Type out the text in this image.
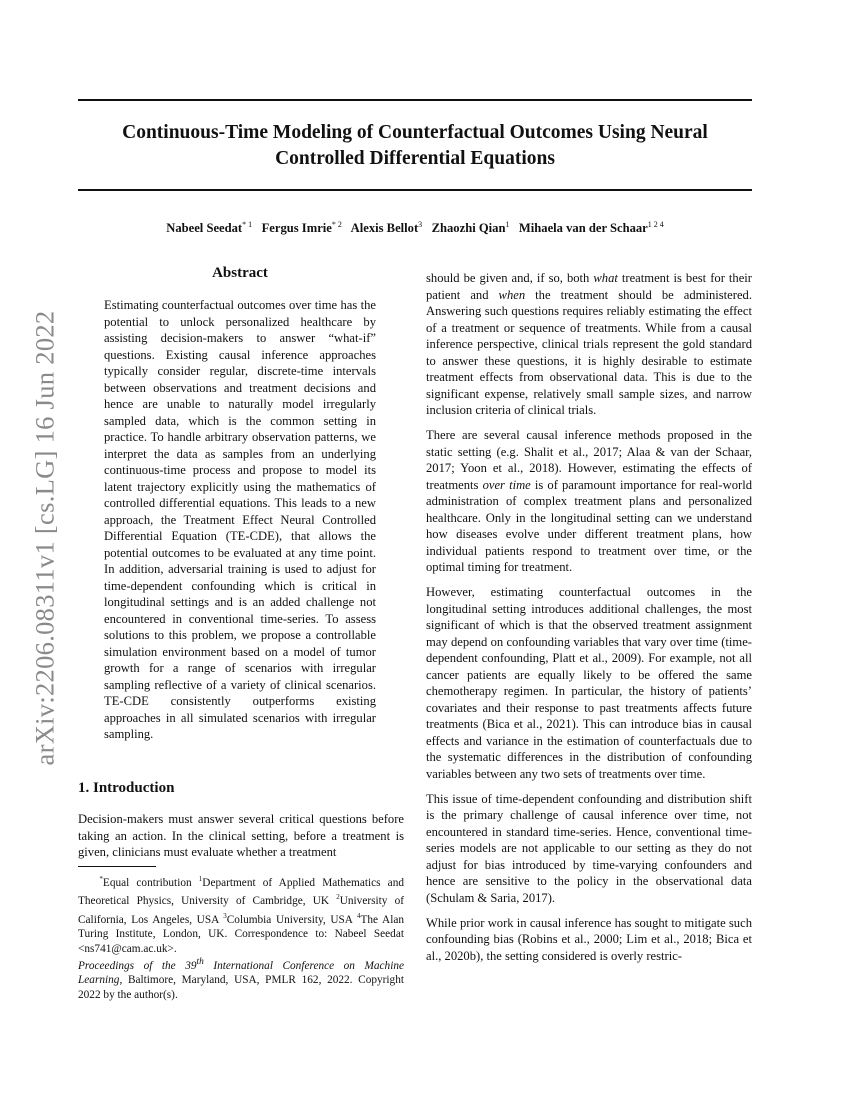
Continuous-Time Modeling of Counterfactual Outcomes Using Neural
Controlled Differential Equations
Nabeel Seedat$^{* 1}$ Fergus Imrie$^{* 2}$ Alexis Bellot$^3$ Zhaozhi Qian$^1$ Mihaela van der Schaar$^{1 2 4}$
arXiv:2206.08311v1 [cs.LG] 16 Jun 2022
Abstract
Estimating counterfactual outcomes over time has the potential to unlock personalized healthcare by assisting decision-makers to answer “what-if” questions. Existing causal inference approaches typically consider regular, discrete-time intervals between observations and treatment decisions and hence are unable to naturally model irregularly sampled data, which is the common setting in practice. To handle arbitrary observation patterns, we interpret the data as samples from an underlying continuous-time process and propose to model its latent trajectory explicitly using the mathematics of controlled differential equations. This leads to a new approach, the Treatment Effect Neural Controlled Differential Equation (TE-CDE), that allows the potential outcomes to be evaluated at any time point. In addition, adversarial training is used to adjust for time-dependent confounding which is critical in longitudinal settings and is an added challenge not encountered in conventional time-series. To assess solutions to this problem, we propose a controllable simulation environment based on a model of tumor growth for a range of scenarios with irregular sampling reflective of a variety of clinical scenarios. TE-CDE consistently outperforms existing approaches in all simulated scenarios with irregular sampling.
1. Introduction
Decision-makers must answer several critical questions before taking an action. In the clinical setting, before a treatment is given, clinicians must evaluate whether a treatment
*Equal contribution $^1$Department of Applied Mathematics and Theoretical Physics, University of Cambridge, UK $^2$University of California, Los Angeles, USA $^3$Columbia University, USA $^4$The Alan Turing Institute, London, UK. Correspondence to: Nabeel Seedat <ns741@cam.ac.uk>.
Proceedings of the 39th International Conference on Machine Learning, Baltimore, Maryland, USA, PMLR 162, 2022. Copyright 2022 by the author(s).

should be given and, if so, both what treatment is best for their patient and when the treatment should be administered. Answering such questions requires reliably estimating the effect of a treatment or sequence of treatments. While from a causal inference perspective, clinical trials represent the gold standard to answer these questions, it is highly desirable to estimate treatment effects from observational data. This is due to the significant expense, relatively small sample sizes, and narrow inclusion criteria of clinical trials.

There are several causal inference methods proposed in the static setting (e.g. Shalit et al., 2017; Alaa & van der Schaar, 2017; Yoon et al., 2018). However, estimating the effects of treatments over time is of paramount importance for real-world administration of complex treatment plans and personalized healthcare. Only in the longitudinal setting can we understand how diseases evolve under different treatment plans, how individual patients respond to treatment over time, or the optimal timing for treatment.

However, estimating counterfactual outcomes in the longitudinal setting introduces additional challenges, the most significant of which is that the observed treatment assignment may depend on confounding variables that vary over time (time-dependent confounding, Platt et al., 2009). For example, not all cancer patients are equally likely to be offered the same chemotherapy regimen. In particular, the history of patients’ covariates and their response to past treatments affects future treatments (Bica et al., 2021). This can introduce bias in causal effects and variance in the estimation of counterfactuals due to the systematic differences in the distribution of confounding variables between any two sets of treatments over time.

This issue of time-dependent confounding and distribution shift is the primary challenge of causal inference over time, not encountered in standard time-series. Hence, conventional time-series models are not applicable to our setting as they do not adjust for bias introduced by time-varying confounders and hence are sensitive to the policy in the observational data (Schulam & Saria, 2017).

While prior work in causal inference has sought to mitigate such confounding bias (Robins et al., 2000; Lim et al., 2018; Bica et al., 2020b), the setting considered is overly restric-
